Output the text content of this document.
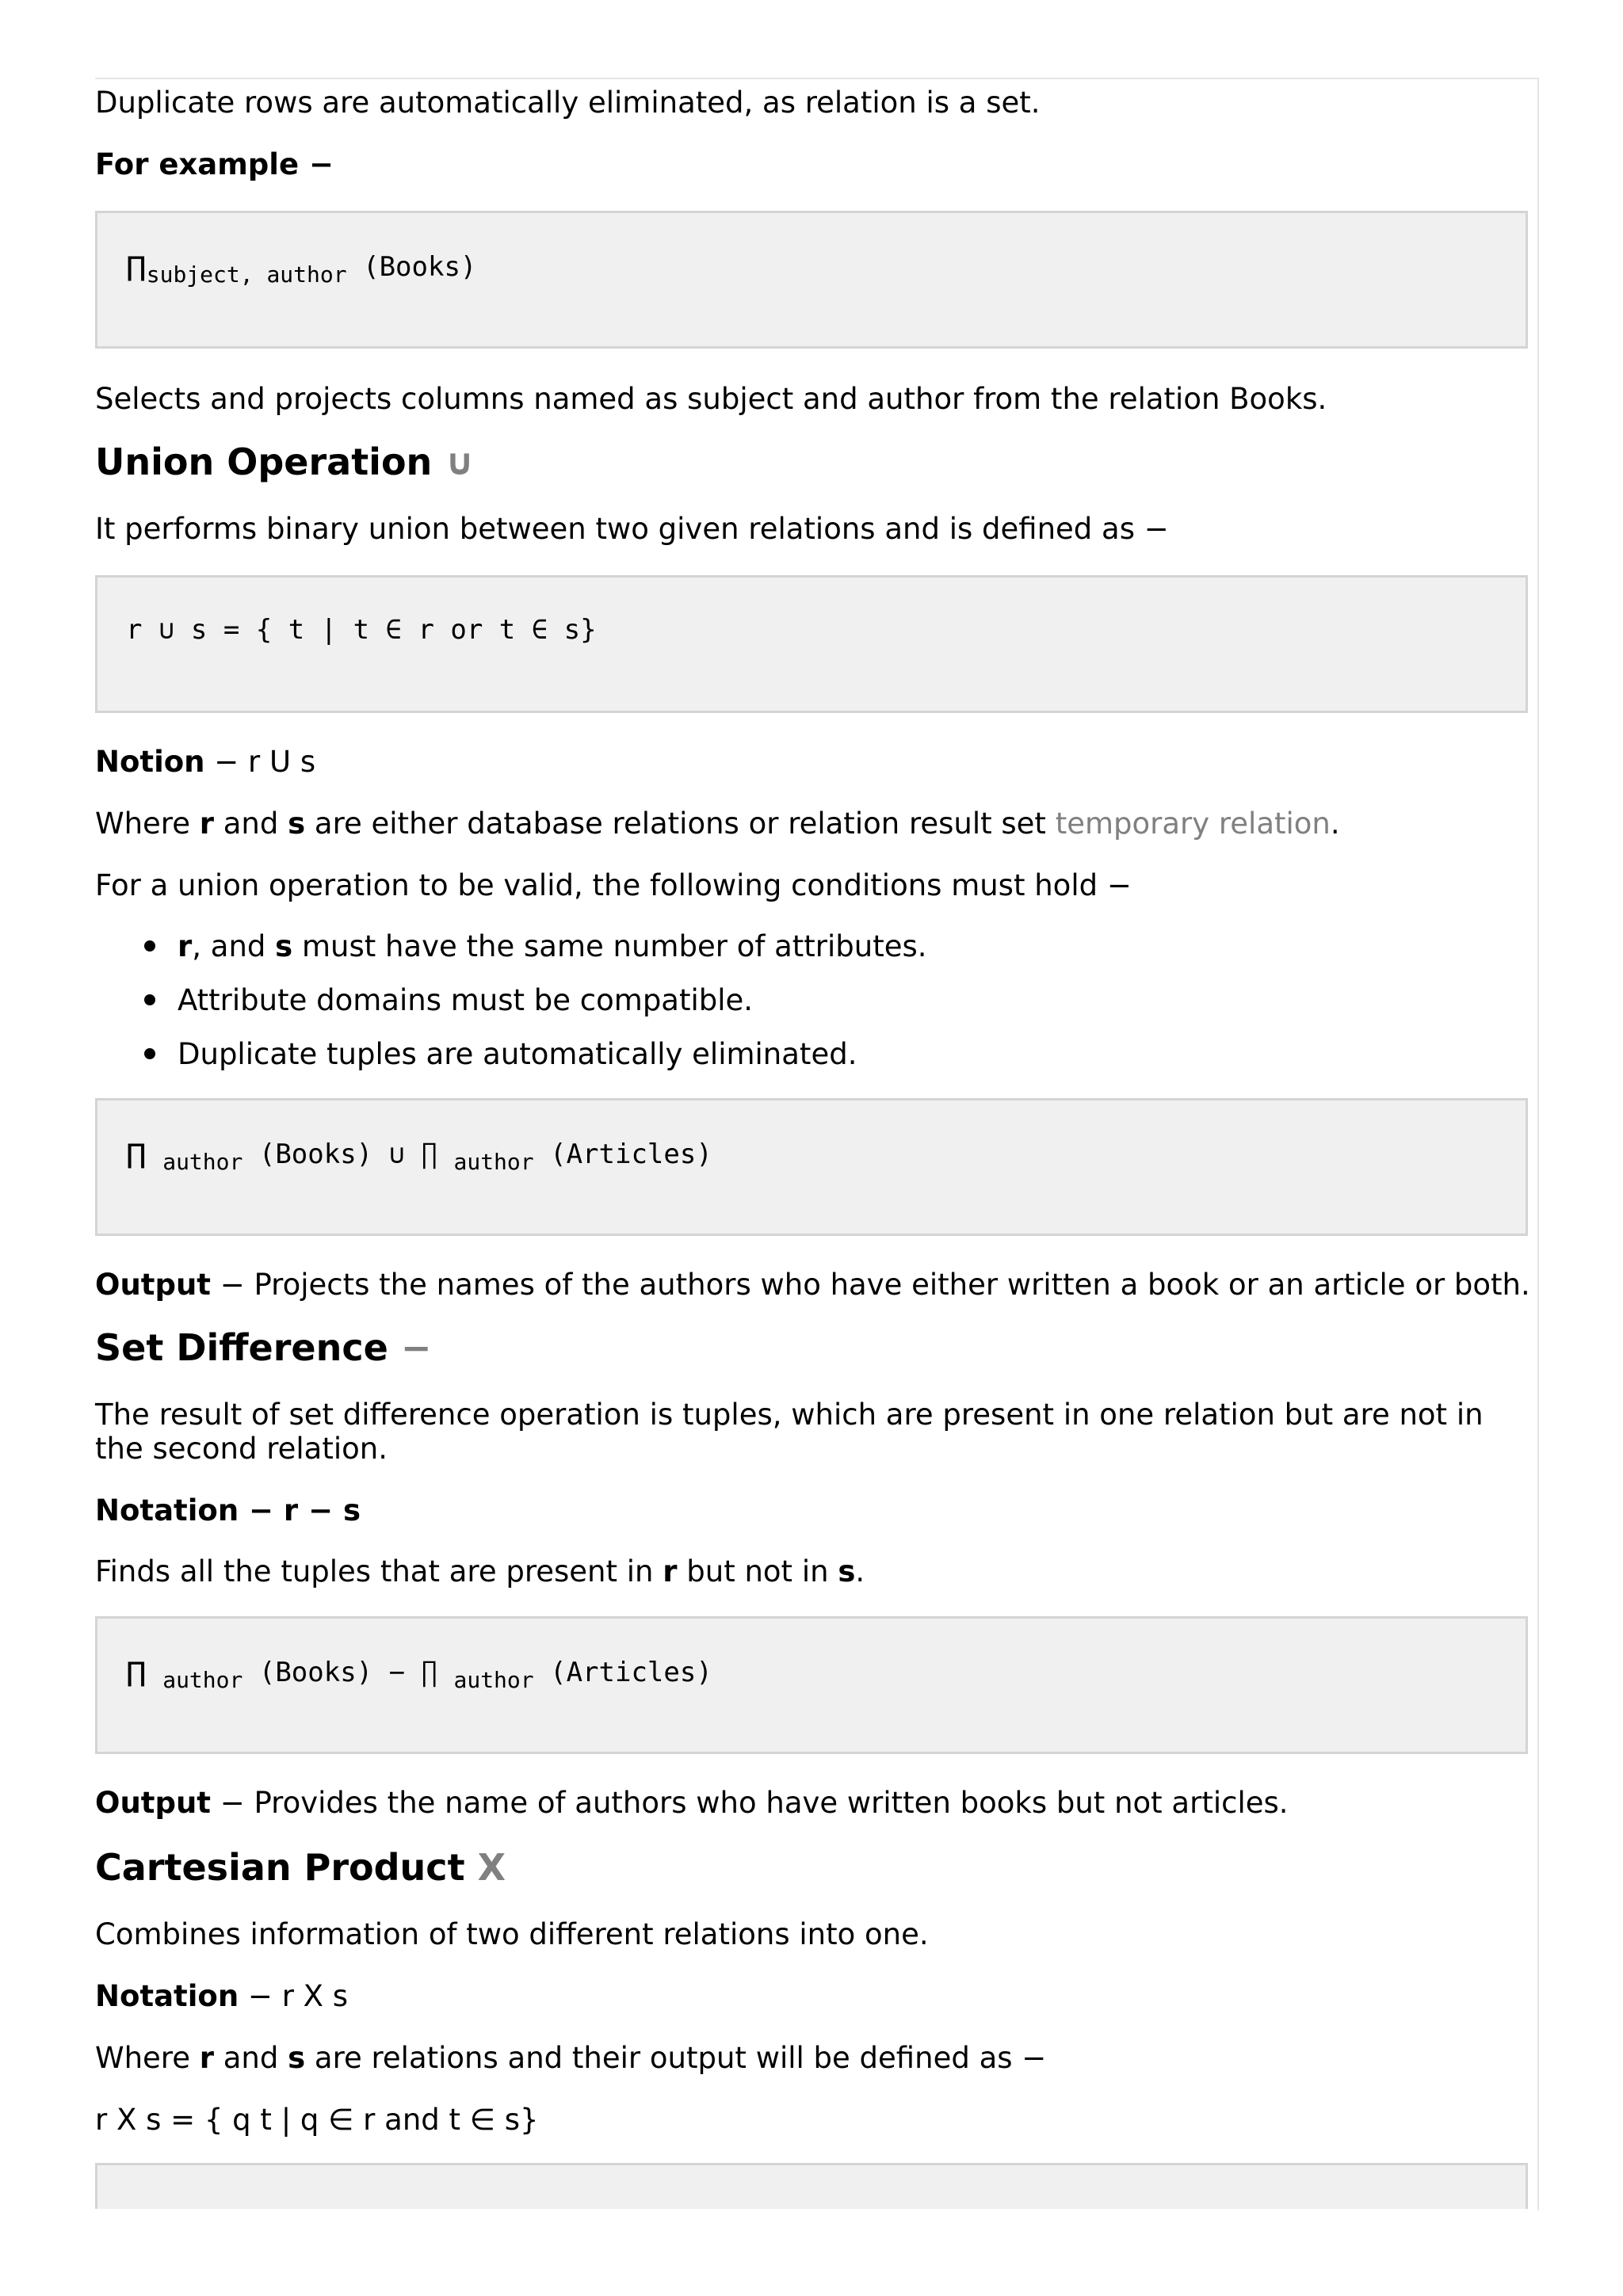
Duplicate rows are automatically eliminated, as relation is a set.

For example −

$\prod_{subject, author}$ (Books)

Selects and projects columns named as subject and author from the relation Books.

Union Operation ∪

It performs binary union between two given relations and is defined as −

r ∪ s = { t | t ∈ r or t ∈ s}

Notion − r U s

Where r and s are either database relations or relation result set temporary relation.

For a union operation to be valid, the following conditions must hold −

r, and s must have the same number of attributes.
Attribute domains must be compatible.
Duplicate tuples are automatically eliminated.
∏ $_{author}$ (Books) ∪ ∏ $_{author}$ (Articles)

Output − Projects the names of the authors who have either written a book or an article or both.

Set Difference −

The result of set difference operation is tuples, which are present in one relation but are not in the second relation.

Notation − r − s

Finds all the tuples that are present in r but not in s.

∏ $_{author}$ (Books) − ∏ $_{author}$ (Articles)

Output − Provides the name of authors who have written books but not articles.

Cartesian Product X

Combines information of two different relations into one.

Notation − r X s

Where r and s are relations and their output will be defined as −

r X s = { q t | q ∈ r and t ∈ s}
